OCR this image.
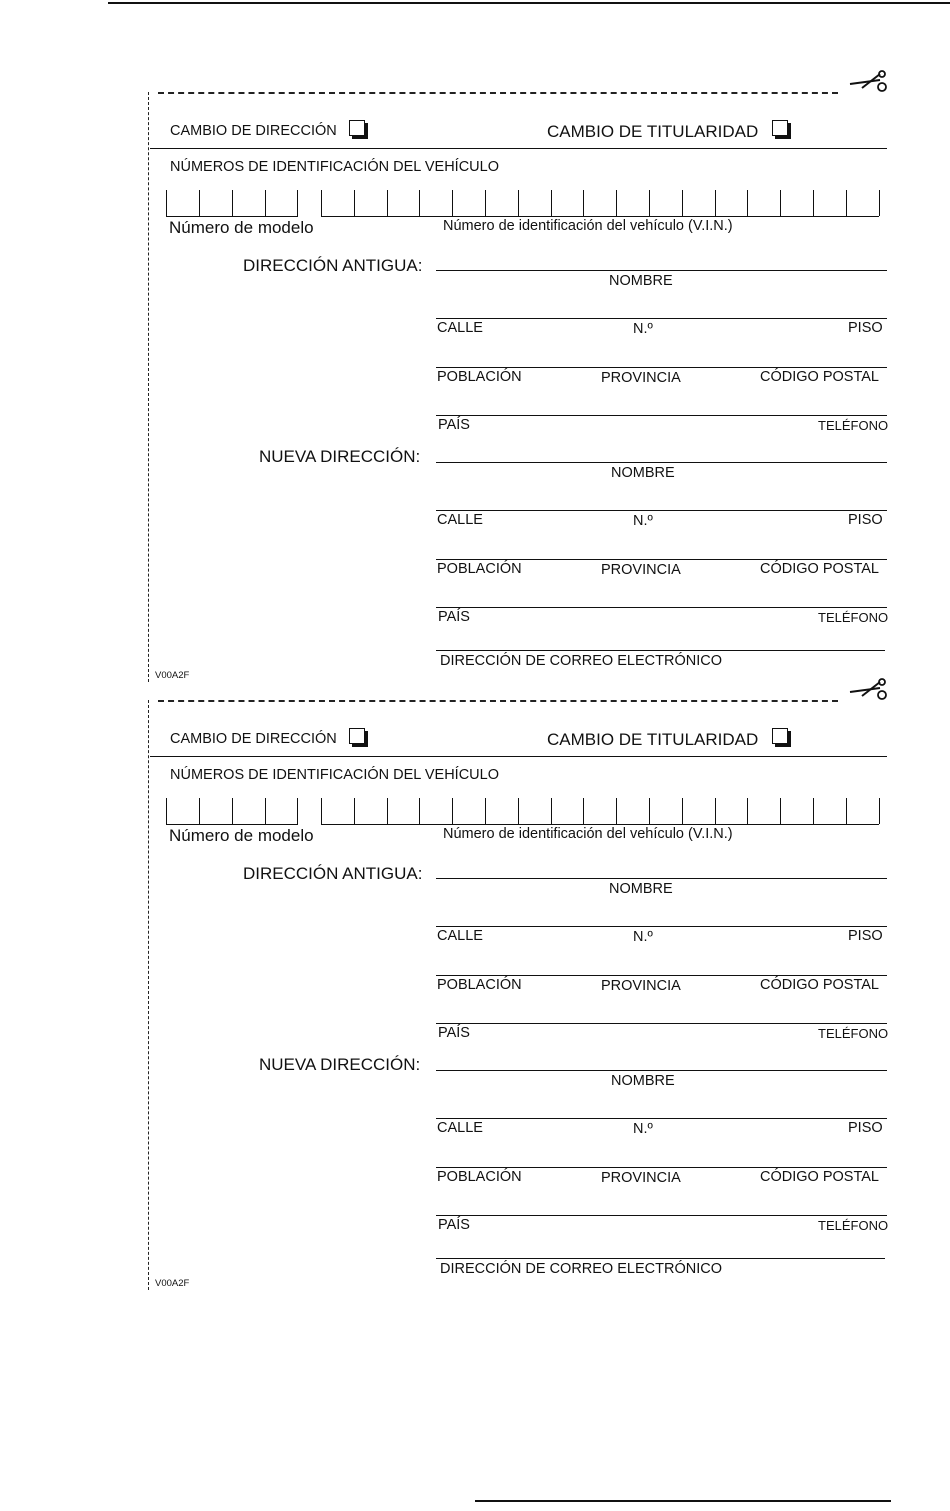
CAMBIO DE DIRECCIÓN	CAMBIO DE TITULARIDAD
NÚMEROS DE IDENTIFICACIÓN DEL VEHÍCULO
Número de modelo	Número de identificación del vehículo (V.I.N.)
DIRECCIÓN ANTIGUA:
NOMBRE
CALLE	N.º	PISO
POBLACIÓN	PROVINCIA	CÓDIGO POSTAL
PAÍS	TELÉFONO
NUEVA DIRECCIÓN:
NOMBRE
CALLE	N.º	PISO
POBLACIÓN	PROVINCIA	CÓDIGO POSTAL
PAÍS	TELÉFONO
DIRECCIÓN DE CORREO ELECTRÓNICO
V00A2F
CAMBIO DE DIRECCIÓN	CAMBIO DE TITULARIDAD
NÚMEROS DE IDENTIFICACIÓN DEL VEHÍCULO
Número de modelo	Número de identificación del vehículo (V.I.N.)
DIRECCIÓN ANTIGUA:
NOMBRE
CALLE	N.º	PISO
POBLACIÓN	PROVINCIA	CÓDIGO POSTAL
PAÍS	TELÉFONO
NUEVA DIRECCIÓN:
NOMBRE
CALLE	N.º	PISO
POBLACIÓN	PROVINCIA	CÓDIGO POSTAL
PAÍS	TELÉFONO
DIRECCIÓN DE CORREO ELECTRÓNICO
V00A2F
